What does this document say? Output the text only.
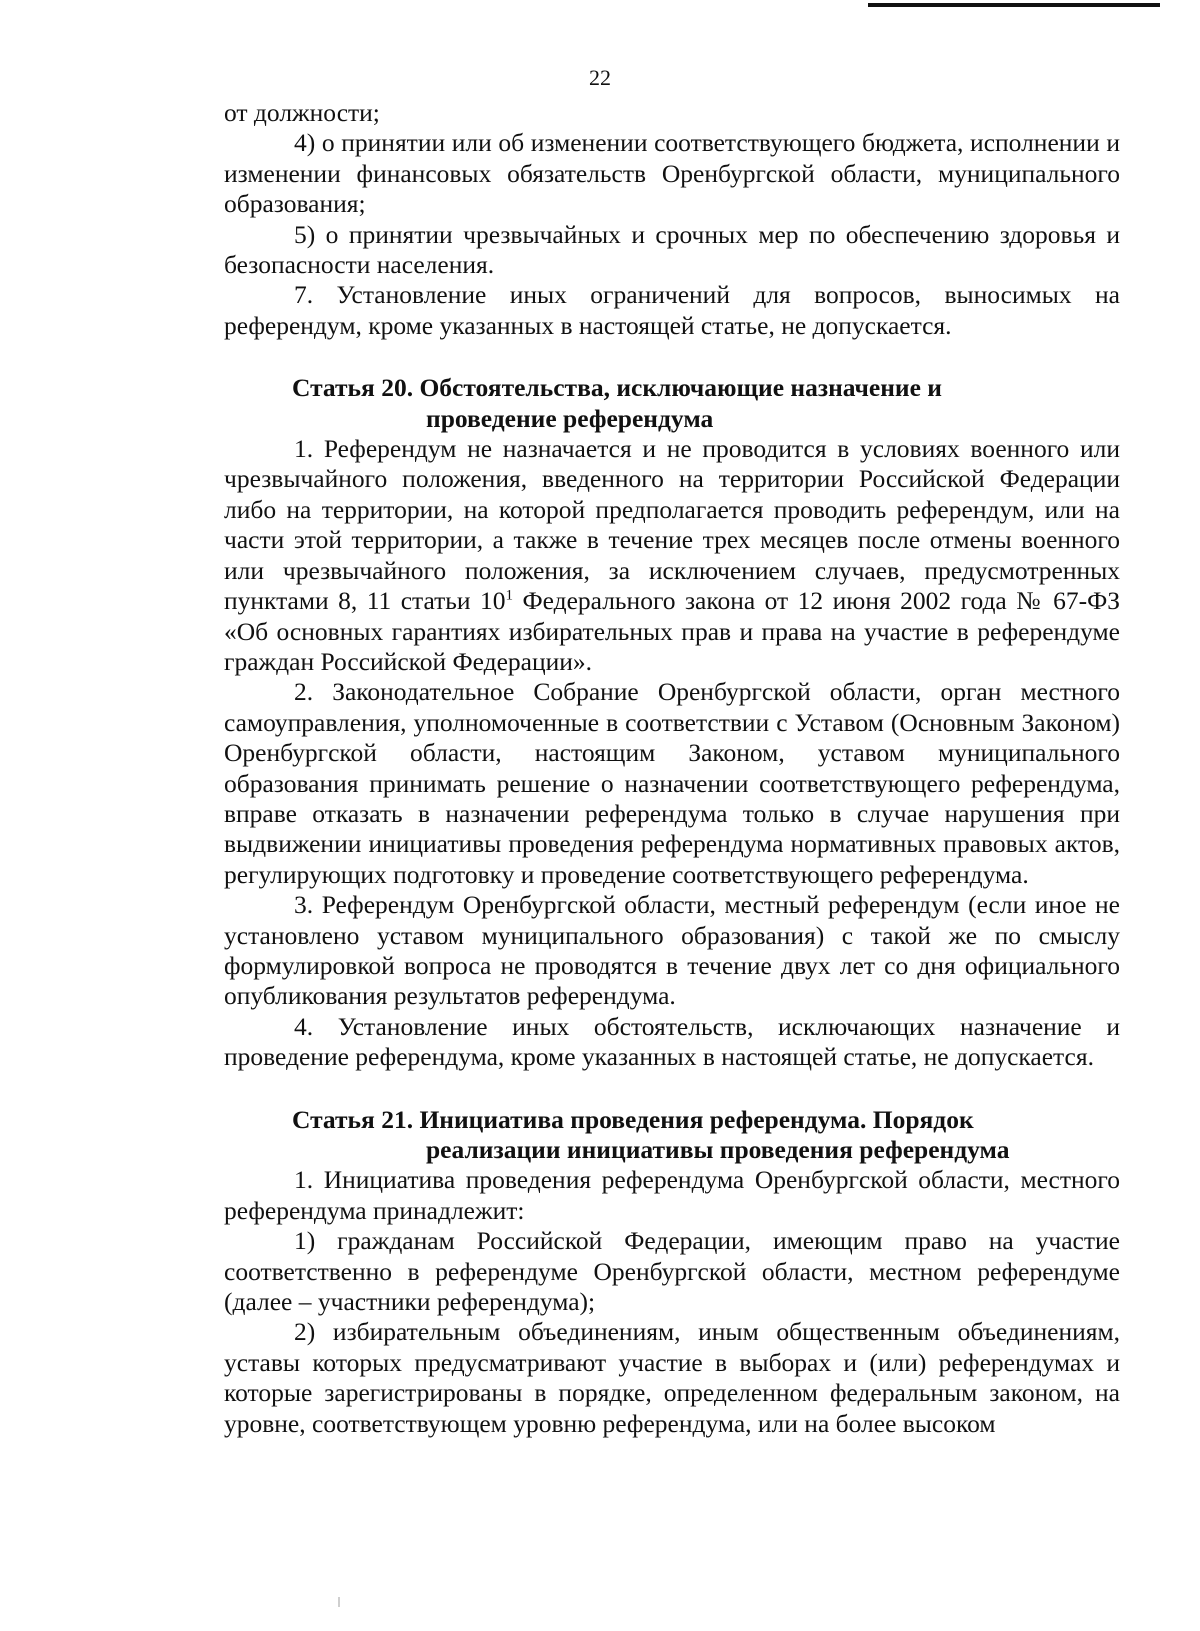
22

от должности;

4) о принятии или об изменении соответствующего бюджета, исполнении и изменении финансовых обязательств Оренбургской области, муниципального образования;

5) о принятии чрезвычайных и срочных мер по обеспечению здоровья и безопасности населения.

7. Установление иных ограничений для вопросов, выносимых на референдум, кроме указанных в настоящей статье, не допускается.

Статья 20. Обстоятельства, исключающие назначение и
проведение референдума

1. Референдум не назначается и не проводится в условиях военного или чрезвычайного положения, введенного на территории Российской Федерации либо на территории, на которой предполагается проводить референдум, или на части этой территории, а также в течение трех месяцев после отмены военного или чрезвычайного положения, за исключением случаев, предусмотренных пунктами 8, 11 статьи $10^1$ Федерального закона от 12 июня 2002 года № 67-ФЗ «Об основных гарантиях избирательных прав и права на участие в референдуме граждан Российской Федерации».

2. Законодательное Собрание Оренбургской области, орган местного самоуправления, уполномоченные в соответствии с Уставом (Основным Законом) Оренбургской области, настоящим Законом, уставом муниципального образования принимать решение о назначении соответствующего референдума, вправе отказать в назначении референдума только в случае нарушения при выдвижении инициативы проведения референдума нормативных правовых актов, регулирующих подготовку и проведение соответствующего референдума.

3. Референдум Оренбургской области, местный референдум (если иное не установлено уставом муниципального образования) с такой же по смыслу формулировкой вопроса не проводятся в течение двух лет со дня официального опубликования результатов референдума.

4. Установление иных обстоятельств, исключающих назначение и проведение референдума, кроме указанных в настоящей статье, не допускается.

Статья 21. Инициатива проведения референдума. Порядок
реализации инициативы проведения референдума

1. Инициатива проведения референдума Оренбургской области, местного референдума принадлежит:

1) гражданам Российской Федерации, имеющим право на участие соответственно в референдуме Оренбургской области, местном референдуме (далее – участники референдума);

2) избирательным объединениям, иным общественным объединениям, уставы которых предусматривают участие в выборах и (или) референдумах и которые зарегистрированы в порядке, определенном федеральным законом, на уровне, соответствующем уровню референдума, или на более высоком
